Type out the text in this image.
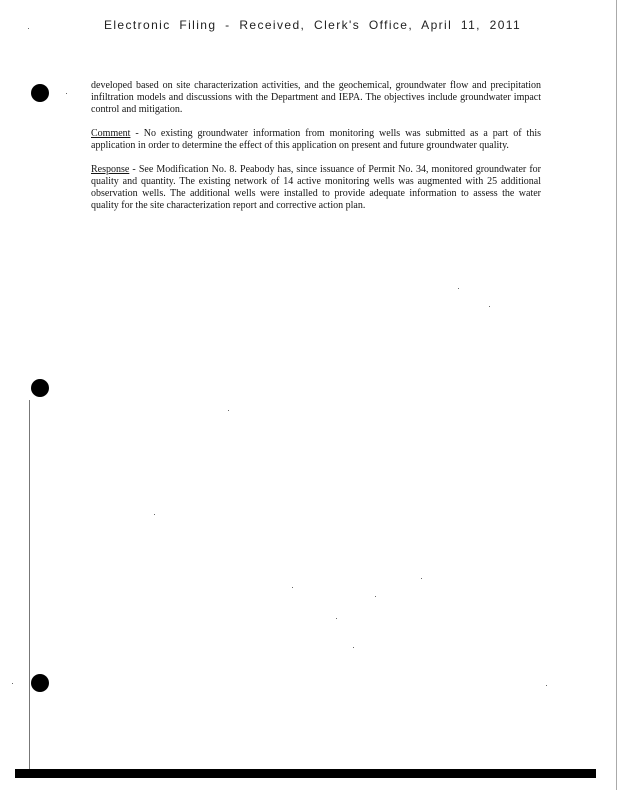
Electronic Filing - Received, Clerk's Office, April 11, 2011

developed based on site characterization activities, and the geochemical, groundwater flow and precipitation infiltration models and discussions with the Department and IEPA. The objectives include groundwater impact control and mitigation.

Comment - No existing groundwater information from monitoring wells was submitted as a part of this application in order to determine the effect of this application on present and future groundwater quality.

Response - See Modification No. 8. Peabody has, since issuance of Permit No. 34, monitored groundwater for quality and quantity. The existing network of 14 active monitoring wells was augmented with 25 additional observation wells. The additional wells were installed to provide adequate information to assess the water quality for the site characterization report and corrective action plan.
